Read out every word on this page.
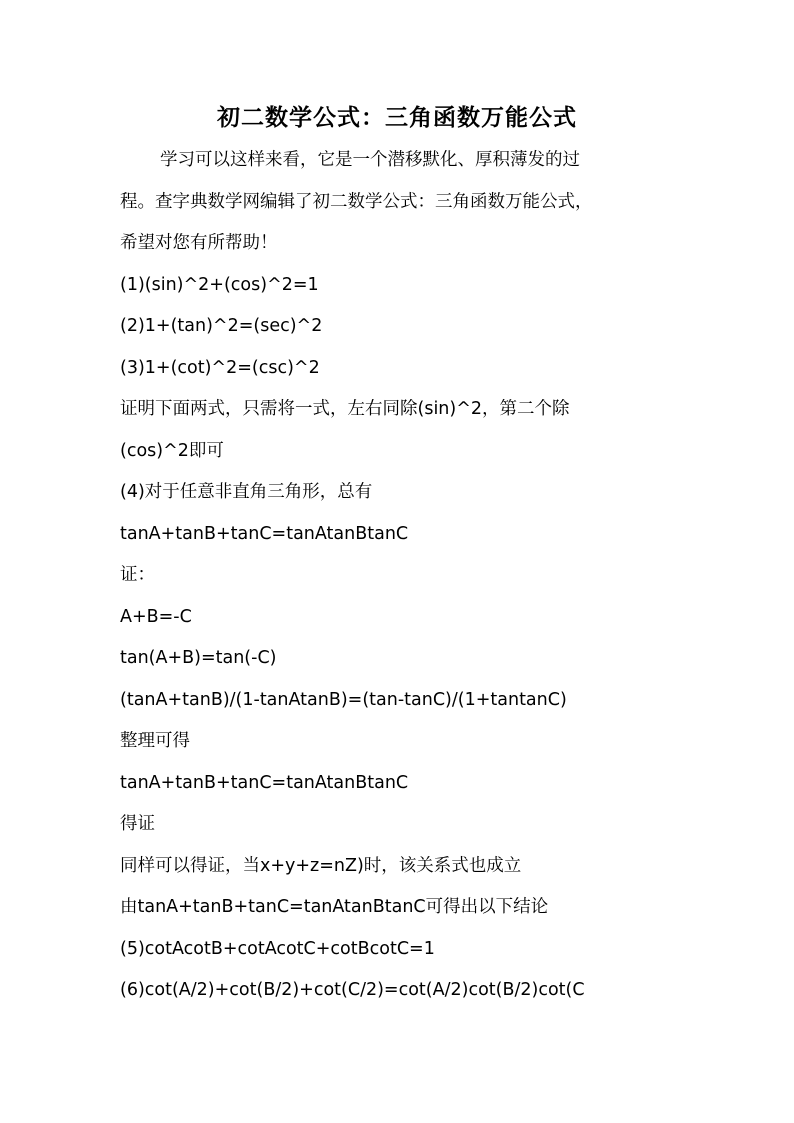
初二数学公式：三角函数万能公式
学习可以这样来看，它是一个潜移默化、厚积薄发的过
程。查字典数学网编辑了初二数学公式：三角函数万能公式，
希望对您有所帮助！
(1)(sin)^2+(cos)^2=1
(2)1+(tan)^2=(sec)^2
(3)1+(cot)^2=(csc)^2
证明下面两式，只需将一式，左右同除(sin)^2，第二个除
(cos)^2即可
(4)对于任意非直角三角形，总有
tanA+tanB+tanC=tanAtanBtanC
证：
A+B=-C
tan(A+B)=tan(-C)
(tanA+tanB)/(1-tanAtanB)=(tan-tanC)/(1+tantanC)
整理可得
tanA+tanB+tanC=tanAtanBtanC
得证
同样可以得证，当x+y+z=nZ)时，该关系式也成立
由tanA+tanB+tanC=tanAtanBtanC可得出以下结论
(5)cotAcotB+cotAcotC+cotBcotC=1
(6)cot(A/2)+cot(B/2)+cot(C/2)=cot(A/2)cot(B/2)cot(C
